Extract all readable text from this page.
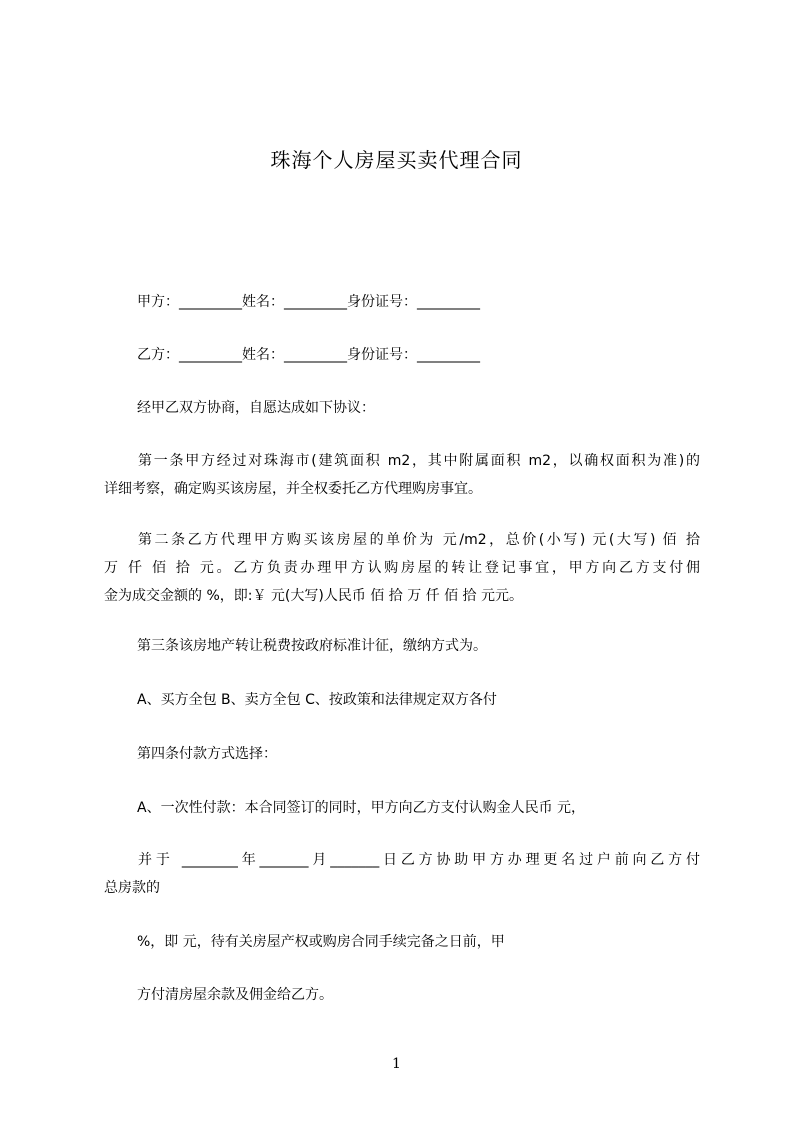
珠海个人房屋买卖代理合同
甲方：_________姓名：_________身份证号：_________
乙方：_________姓名：_________身份证号：_________
经甲乙双方协商，自愿达成如下协议：
第一条甲方经过对珠海市(建筑面积 m2，其中附属面积 m2，以确权面积为准)的
详细考察，确定购买该房屋，并全权委托乙方代理购房事宜。
第二条乙方代理甲方购买该房屋的单价为 元/m2，总价(小写) 元(大写) 佰 拾
万 仟 佰 拾 元。乙方负责办理甲方认购房屋的转让登记事宜，甲方向乙方支付佣
金为成交金额的 %，即:￥ 元(大写)人民币 佰 拾 万 仟 佰 拾 元元。
第三条该房地产转让税费按政府标准计征，缴纳方式为。
A、买方全包 B、卖方全包 C、按政策和法律规定双方各付
第四条付款方式选择：
A、一次性付款：本合同签订的同时，甲方向乙方支付认购金人民币 元，
并于 ________年_______月_______日乙方协助甲方办理更名过户前向乙方付
总房款的
%，即 元，待有关房屋产权或购房合同手续完备之日前，甲
方付清房屋余款及佣金给乙方。
1
